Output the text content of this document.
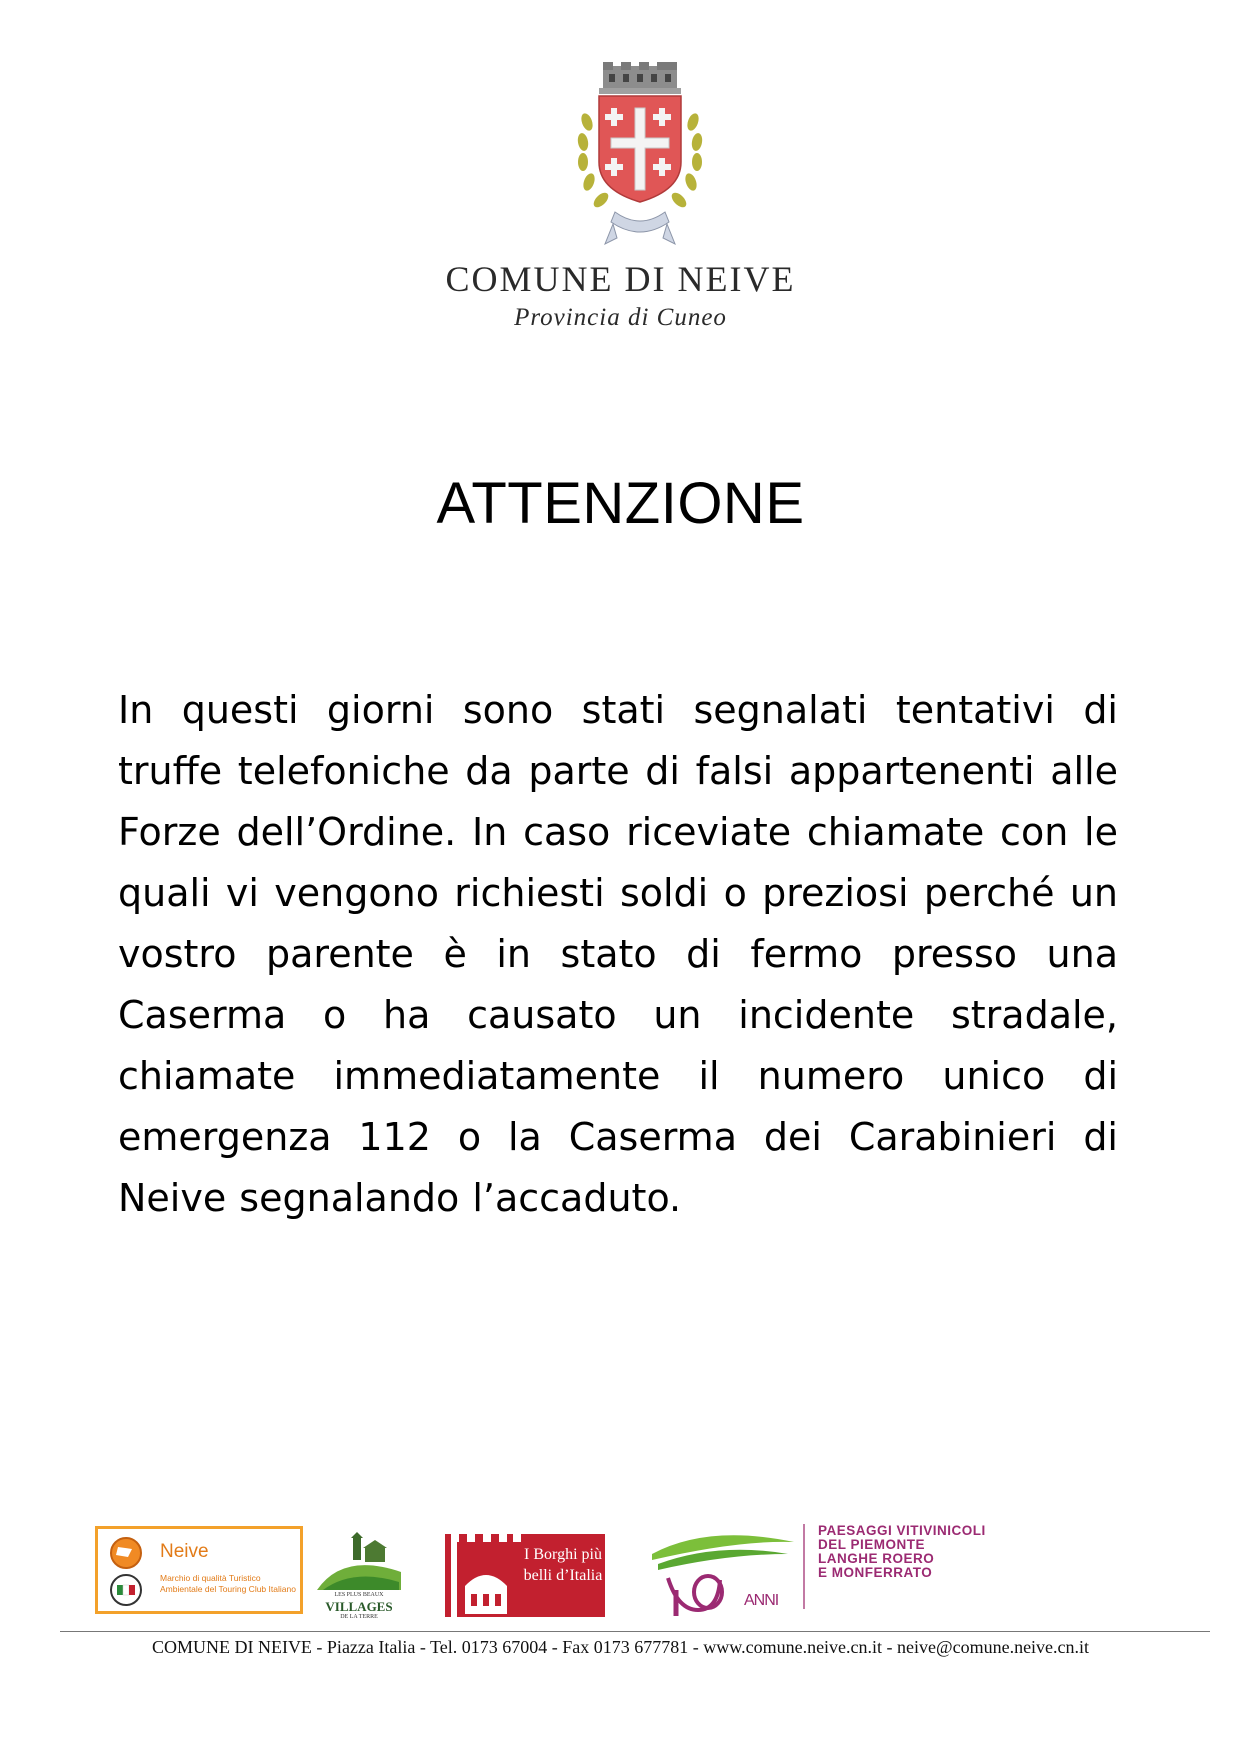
COMUNE DI NEIVE
Provincia di Cuneo
ATTENZIONE
In questi giorni sono stati segnalati tentativi di truffe telefoniche da parte di falsi appartenenti alle Forze dell’Ordine. In caso riceviate chiamate con le quali vi vengono richiesti soldi o preziosi perché un vostro parente è in stato di fermo presso una Caserma o ha causato un incidente stradale, chiamate immediatamente il numero unico di emergenza 112 o la Caserma dei Carabinieri di Neive segnalando l’accaduto.
Neive
Marchio di qualità Turistico Ambientale del Touring Club Italiano
LES PLUS BEAUX
VILLAGES
DE LA TERRE
I Borghi più belli d’Italia
ANNI
PAESAGGI VITIVINICOLI
DEL PIEMONTE
LANGHE ROERO
E MONFERRATO
COMUNE DI NEIVE - Piazza Italia - Tel. 0173 67004 - Fax 0173 677781 - www.comune.neive.cn.it - neive@comune.neive.cn.it
